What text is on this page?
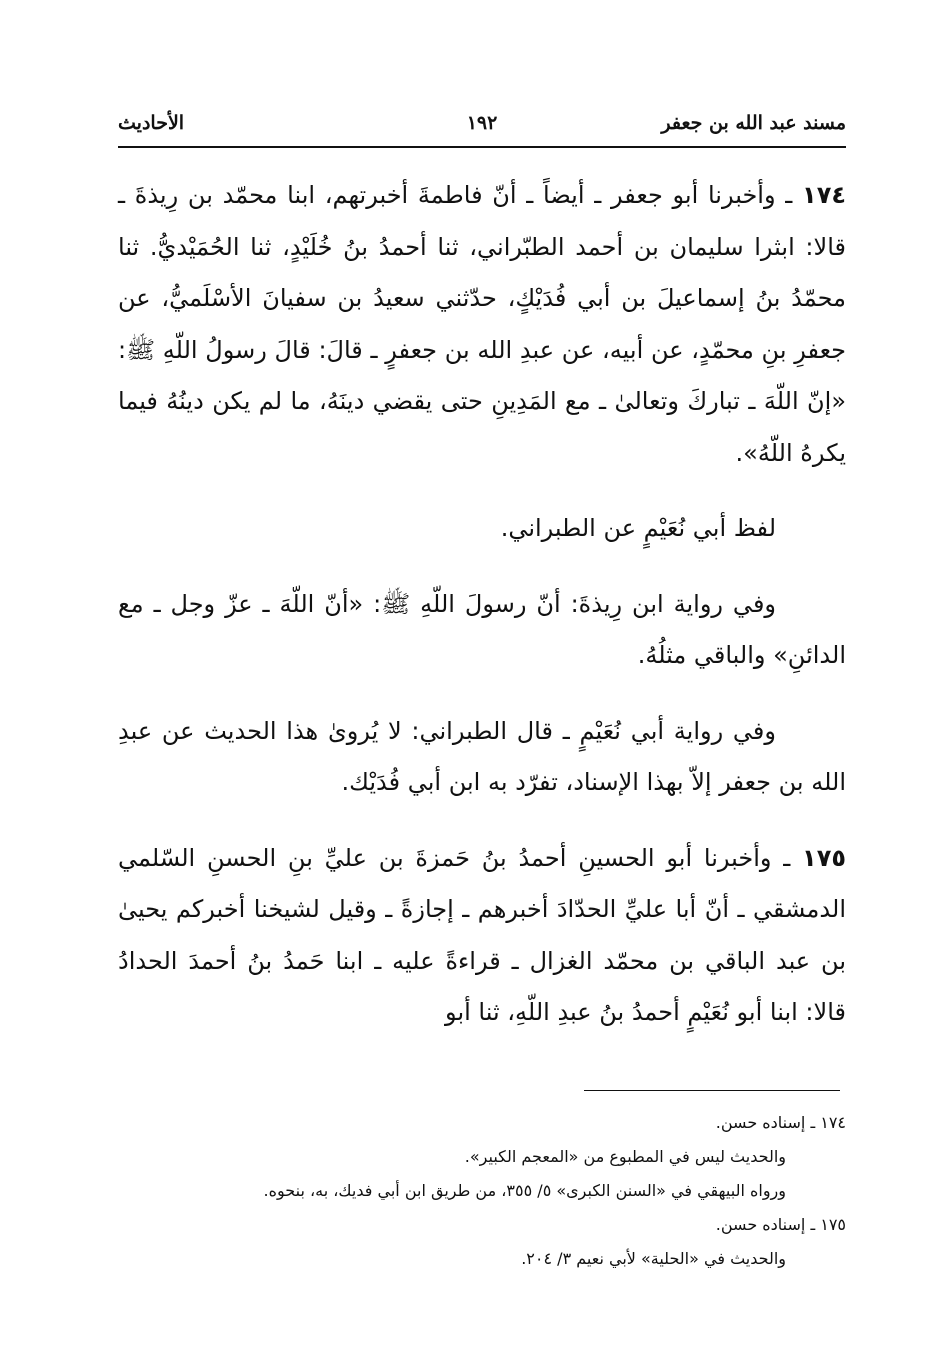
مسند عبد الله بن جعفر
١٩٢
الأحاديث

١٧٤ ـ وأخبرنا أبو جعفر ـ أيضاً ـ أنّ فاطمةَ أخبرتهم، ابنا محمّد بن رِيذةَ ـ قالا: ابثرا سليمان بن أحمد الطبّراني، ثنا أحمدُ بنُ خُلَيْدٍ، ثنا الحُمَيْديُّ. ثنا محمّدُ بنُ إسماعيلَ بن أبي فُدَيْكٍ، حدّثني سعيدُ بن سفيانَ الأسْلَميُّ، عن جعفرِ بنِ محمّدٍ، عن أبيه، عن عبدِ الله بن جعفرٍ ـ قالَ: قالَ رسولُ اللّهِ ﷺ: «إنّ اللّهَ ـ تباركَ وتعالىٰ ـ مع المَدِينِ حتى يقضي دينَهُ، ما لم يكن دينُهُ فيما يكرهُ اللّهُ».

لفظ أبي نُعَيْمٍ عن الطبراني.

وفي رواية ابن رِيذةَ: أنّ رسولَ اللّهِ ﷺ: «أنّ اللّهَ ـ عزّ وجل ـ مع الدائنِ» والباقي مثلُهُ.

وفي رواية أبي نُعَيْمٍ ـ قال الطبراني: لا يُروىٰ هذا الحديث عن عبدِ الله بن جعفر إلاّ بهذا الإسناد، تفرّد به ابن أبي فُدَيْك.

١٧٥ ـ وأخبرنا أبو الحسينِ أحمدُ بنُ حَمزةَ بن عليِّ بنِ الحسنِ السّلمي الدمشقي ـ أنّ أبا عليِّ الحدّادَ أخبرهم ـ إجازةً ـ وقيل لشيخنا أخبركم يحيىٰ بن عبد الباقي بن محمّد الغزال ـ قراءةً عليه ـ ابنا حَمدُ بنُ أحمدَ الحدادُ قالا: ابنا أبو نُعَيْمٍ أحمدُ بنُ عبدِ اللّهِ، ثنا أبو

١٧٤ ـ إسناده حسن.
والحديث ليس في المطبوع من «المعجم الكبير».
ورواه البيهقي في «السنن الكبرى» ٥/ ٣٥٥، من طريق ابن أبي فديك، به، بنحوه.
١٧٥ ـ إسناده حسن.
والحديث في «الحلية» لأبي نعيم ٣/ ٢٠٤.
